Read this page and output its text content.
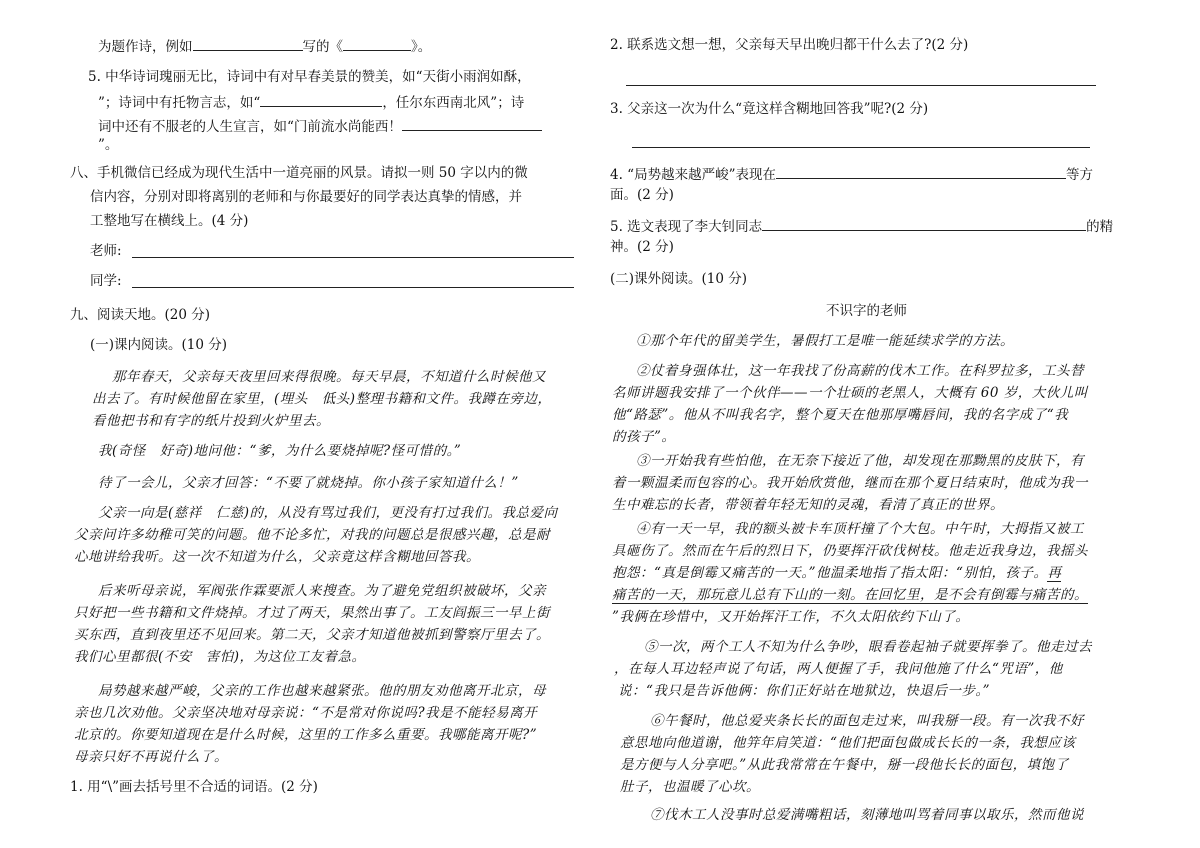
为题作诗，例如	写的《	》。
5. 中华诗词瑰丽无比，诗词中有对早春美景的赞美，如“天街小雨润如酥，
”；诗词中有托物言志，如“	，任尔东西南北风”；诗
词中还有不服老的人生宣言，如“门前流水尚能西！
”。
八、手机微信已经成为现代生活中一道亮丽的风景。请拟一则 50 字以内的微
信内容，分别对即将离别的老师和与你最要好的同学表达真挚的情感，并
工整地写在横线上。(4 分)
老师:
同学:
九、阅读天地。(20 分)
(一)课内阅读。(10 分)
那年春天，父亲每天夜里回来得很晚。每天早晨，不知道什么时候他又
出去了。有时候他留在家里，(埋头　低头)整理书籍和文件。我蹲在旁边，
看他把书和有字的纸片投到火炉里去。
我(奇怪　好奇)地问他：“爹，为什么要烧掉呢?怪可惜的。”
待了一会儿，父亲才回答：“不要了就烧掉。你小孩子家知道什么！”
父亲一向是(慈祥　仁慈)的，从没有骂过我们，更没有打过我们。我总爱向
父亲问许多幼稚可笑的问题。他不论多忙，对我的问题总是很感兴趣，总是耐
心地讲给我听。这一次不知道为什么，父亲竟这样含糊地回答我。
后来听母亲说，军阀张作霖要派人来搜查。为了避免党组织被破坏，父亲
只好把一些书籍和文件烧掉。才过了两天，果然出事了。工友阎振三一早上街
买东西，直到夜里还不见回来。第二天，父亲才知道他被抓到警察厅里去了。
我们心里都很(不安　害怕)，为这位工友着急。
局势越来越严峻，父亲的工作也越来越紧张。他的朋友劝他离开北京，母
亲也几次劝他。父亲坚决地对母亲说：“不是常对你说吗?我是不能轻易离开
北京的。你要知道现在是什么时候，这里的工作多么重要。我哪能离开呢?”
母亲只好不再说什么了。
1. 用“\”画去括号里不合适的词语。(2 分)
2. 联系选文想一想，父亲每天早出晚归都干什么去了?(2 分)
3. 父亲这一次为什么“竟这样含糊地回答我”呢?(2 分)
4. “局势越来越严峻”表现在	等方
面。(2 分)
5. 选文表现了李大钊同志	的精
神。(2 分)
(二)课外阅读。(10 分)
不识字的老师
①那个年代的留美学生，暑假打工是唯一能延续求学的方法。
②仗着身强体壮，这一年我找了份高薪的伐木工作。在科罗拉多，工头替
名师讲题我安排了一个伙伴——一个壮硕的老黑人，大概有 60 岁，大伙儿叫
他“路瑟”。他从不叫我名字，整个夏天在他那厚嘴唇间，我的名字成了“我
的孩子”。
③一开始我有些怕他，在无奈下接近了他，却发现在那黝黑的皮肤下，有
着一颗温柔而包容的心。我开始欣赏他，继而在那个夏日结束时，他成为我一
生中难忘的长者，带领着年轻无知的灵魂，看清了真正的世界。
④有一天一早，我的额头被卡车顶杆撞了个大包。中午时，大拇指又被工
具砸伤了。然而在午后的烈日下，仍要挥汗砍伐树枝。他走近我身边，我摇头
抱怨：“真是倒霉又痛苦的一天。”他温柔地指了指太阳：“别怕，孩子。再
痛苦的一天，那玩意儿总有下山的一刻。在回忆里，是不会有倒霉与痛苦的。
”我俩在珍惜中，又开始挥汗工作，不久太阳依约下山了。
⑤一次，两个工人不知为什么争吵，眼看卷起袖子就要挥拳了。他走过去
，在每人耳边轻声说了句话，两人便握了手，我问他施了什么“咒语”，他
说：“我只是告诉他俩：你们正好站在地狱边，快退后一步。”
⑥午餐时，他总爱夹条长长的面包走过来，叫我掰一段。有一次我不好
意思地向他道谢，他笄年肩笑道：“他们把面包做成长长的一条，我想应该
是方便与人分享吧。”从此我常常在午餐中，掰一段他长长的面包，填饱了
肚子，也温暖了心坎。
⑦伐木工人没事时总爱满嘴粗话，刻薄地叫骂着同事以取乐，然而他说
